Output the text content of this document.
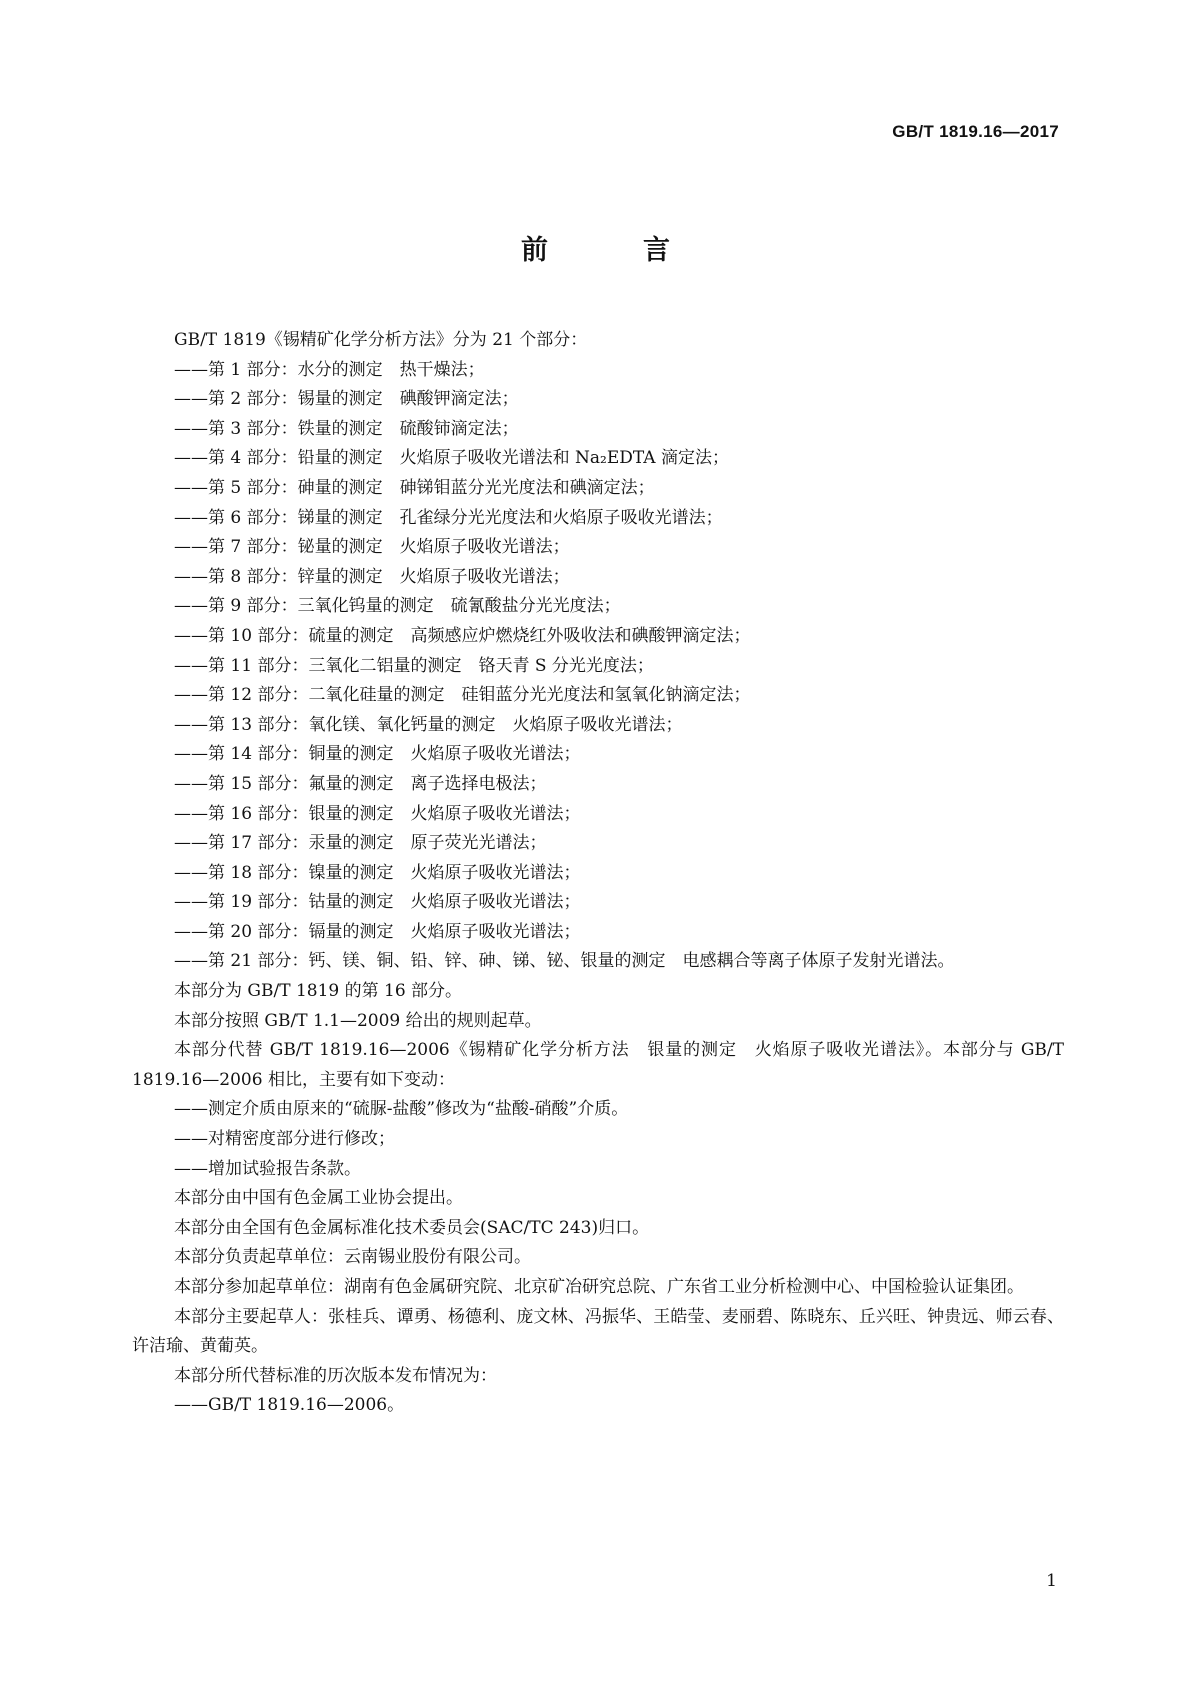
GB/T 1819.16—2017
前　言

GB/T 1819《锡精矿化学分析方法》分为 21 个部分：

——第 1 部分：水分的测定　热干燥法；

——第 2 部分：锡量的测定　碘酸钾滴定法；

——第 3 部分：铁量的测定　硫酸铈滴定法；

——第 4 部分：铅量的测定　火焰原子吸收光谱法和 Na₂EDTA 滴定法；

——第 5 部分：砷量的测定　砷锑钼蓝分光光度法和碘滴定法；

——第 6 部分：锑量的测定　孔雀绿分光光度法和火焰原子吸收光谱法；

——第 7 部分：铋量的测定　火焰原子吸收光谱法；

——第 8 部分：锌量的测定　火焰原子吸收光谱法；

——第 9 部分：三氧化钨量的测定　硫氰酸盐分光光度法；

——第 10 部分：硫量的测定　高频感应炉燃烧红外吸收法和碘酸钾滴定法；

——第 11 部分：三氧化二铝量的测定　铬天青 S 分光光度法；

——第 12 部分：二氧化硅量的测定　硅钼蓝分光光度法和氢氧化钠滴定法；

——第 13 部分：氧化镁、氧化钙量的测定　火焰原子吸收光谱法；

——第 14 部分：铜量的测定　火焰原子吸收光谱法；

——第 15 部分：氟量的测定　离子选择电极法；

——第 16 部分：银量的测定　火焰原子吸收光谱法；

——第 17 部分：汞量的测定　原子荧光光谱法；

——第 18 部分：镍量的测定　火焰原子吸收光谱法；

——第 19 部分：钴量的测定　火焰原子吸收光谱法；

——第 20 部分：镉量的测定　火焰原子吸收光谱法；

——第 21 部分：钙、镁、铜、铅、锌、砷、锑、铋、银量的测定　电感耦合等离子体原子发射光谱法。

本部分为 GB/T 1819 的第 16 部分。

本部分按照 GB/T 1.1—2009 给出的规则起草。

本部分代替 GB/T 1819.16—2006《锡精矿化学分析方法　银量的测定　火焰原子吸收光谱法》。本部分与 GB/T 1819.16—2006 相比，主要有如下变动：

——测定介质由原来的“硫脲-盐酸”修改为“盐酸-硝酸”介质。

——对精密度部分进行修改；

——增加试验报告条款。

本部分由中国有色金属工业协会提出。

本部分由全国有色金属标准化技术委员会(SAC/TC 243)归口。

本部分负责起草单位：云南锡业股份有限公司。

本部分参加起草单位：湖南有色金属研究院、北京矿冶研究总院、广东省工业分析检测中心、中国检验认证集团。

本部分主要起草人：张桂兵、谭勇、杨德利、庞文林、冯振华、王皓莹、麦丽碧、陈晓东、丘兴旺、钟贵远、师云春、许洁瑜、黄葡英。

本部分所代替标准的历次版本发布情况为：

——GB/T 1819.16—2006。

1
